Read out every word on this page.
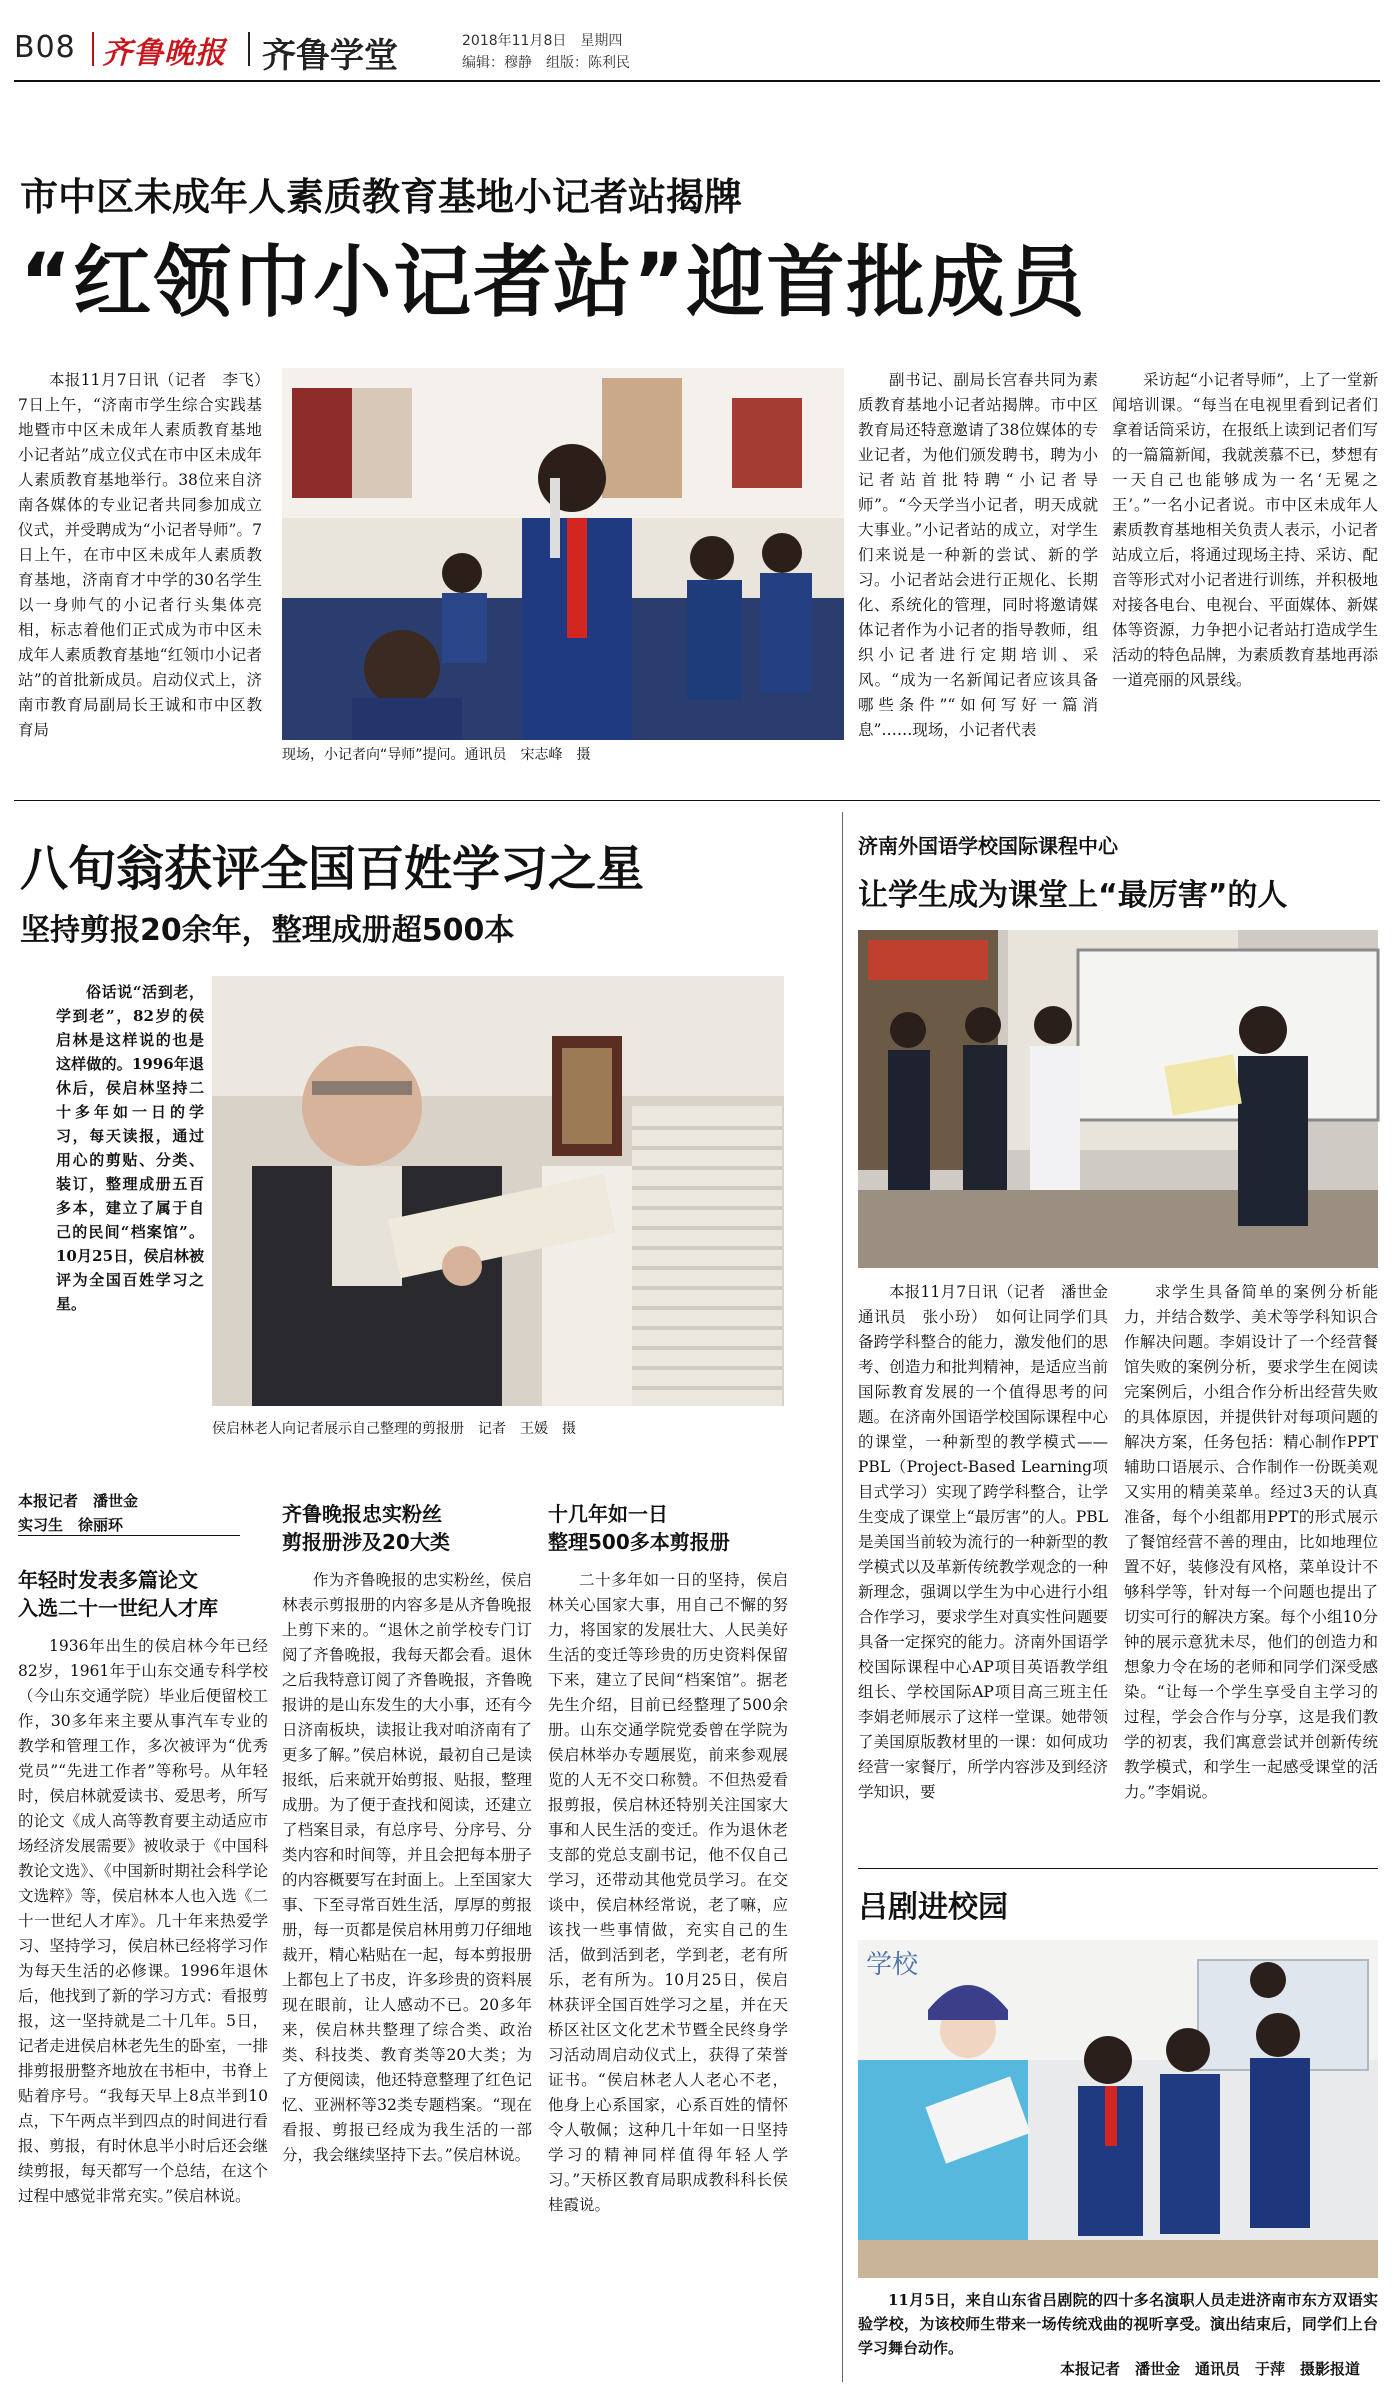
B08 齐鲁晚报 齐鲁学堂	2018年11月8日　星期四
编辑：穆静　组版：陈利民
市中区未成年人素质教育基地小记者站揭牌
“红领巾小记者站”迎首批成员
本报11月7日讯（记者　李飞）　7日上午，“济南市学生综合实践基地暨市中区未成年人素质教育基地小记者站”成立仪式在市中区未成年人素质教育基地举行。38位来自济南各媒体的专业记者共同参加成立仪式，并受聘成为“小记者导师”。7日上午，在市中区未成年人素质教育基地，济南育才中学的30名学生以一身帅气的小记者行头集体亮相，标志着他们正式成为市中区未成年人素质教育基地“红领巾小记者站”的首批新成员。启动仪式上，济南市教育局副局长王诚和市中区教育局
现场，小记者向“导师”提问。通讯员　宋志峰　摄
副书记、副局长宫春共同为素质教育基地小记者站揭牌。市中区教育局还特意邀请了38位媒体的专业记者，为他们颁发聘书，聘为小记者站首批特聘“小记者导师”。“今天学当小记者，明天成就大事业。”小记者站的成立，对学生们来说是一种新的尝试、新的学习。小记者站会进行正规化、长期化、系统化的管理，同时将邀请媒体记者作为小记者的指导教师，组织小记者进行定期培训、采风。“成为一名新闻记者应该具备哪些条件”“如何写好一篇消息”……现场，小记者代表
采访起“小记者导师”，上了一堂新闻培训课。“每当在电视里看到记者们拿着话筒采访，在报纸上读到记者们写的一篇篇新闻，我就羡慕不已，梦想有一天自己也能够成为一名‘无冕之王’。”一名小记者说。市中区未成年人素质教育基地相关负责人表示，小记者站成立后，将通过现场主持、采访、配音等形式对小记者进行训练，并积极地对接各电台、电视台、平面媒体、新媒体等资源，力争把小记者站打造成学生活动的特色品牌，为素质教育基地再添一道亮丽的风景线。
八旬翁获评全国百姓学习之星
坚持剪报20余年，整理成册超500本
俗话说“活到老，学到老”，82岁的侯启林是这样说的也是这样做的。1996年退休后，侯启林坚持二十多年如一日的学习，每天读报，通过用心的剪贴、分类、装订，整理成册五百多本，建立了属于自己的民间“档案馆”。10月25日，侯启林被评为全国百姓学习之星。
侯启林老人向记者展示自己整理的剪报册　记者　王媛　摄
本报记者　潘世金
实习生　徐丽环
年轻时发表多篇论文
入选二十一世纪人才库
1936年出生的侯启林今年已经82岁，1961年于山东交通专科学校（今山东交通学院）毕业后便留校工作，30多年来主要从事汽车专业的教学和管理工作，多次被评为“优秀党员”“先进工作者”等称号。从年轻时，侯启林就爱读书、爱思考，所写的论文《成人高等教育要主动适应市场经济发展需要》被收录于《中国科教论文选》、《中国新时期社会科学论文选粹》等，侯启林本人也入选《二十一世纪人才库》。几十年来热爱学习、坚持学习，侯启林已经将学习作为每天生活的必修课。1996年退休后，他找到了新的学习方式：看报剪报，这一坚持就是二十几年。5日，记者走进侯启林老先生的卧室，一排排剪报册整齐地放在书柜中，书脊上贴着序号。“我每天早上8点半到10点，下午两点半到四点的时间进行看报、剪报，有时休息半小时后还会继续剪报，每天都写一个总结，在这个过程中感觉非常充实。”侯启林说。
齐鲁晚报忠实粉丝
剪报册涉及20大类
作为齐鲁晚报的忠实粉丝，侯启林表示剪报册的内容多是从齐鲁晚报上剪下来的。“退休之前学校专门订阅了齐鲁晚报，我每天都会看。退休之后我特意订阅了齐鲁晚报，齐鲁晚报讲的是山东发生的大小事，还有今日济南板块，读报让我对咱济南有了更多了解。”侯启林说，最初自己是读报纸，后来就开始剪报、贴报，整理成册。为了便于查找和阅读，还建立了档案目录，有总序号、分序号、分类内容和时间等，并且会把每本册子的内容概要写在封面上。上至国家大事、下至寻常百姓生活，厚厚的剪报册，每一页都是侯启林用剪刀仔细地裁开，精心粘贴在一起，每本剪报册上都包上了书皮，许多珍贵的资料展现在眼前，让人感动不已。20多年来，侯启林共整理了综合类、政治类、科技类、教育类等20大类；为了方便阅读，他还特意整理了红色记忆、亚洲杯等32类专题档案。“现在看报、剪报已经成为我生活的一部分，我会继续坚持下去。”侯启林说。
十几年如一日
整理500多本剪报册
二十多年如一日的坚持，侯启林关心国家大事，用自己不懈的努力，将国家的发展壮大、人民美好生活的变迁等珍贵的历史资料保留下来，建立了民间“档案馆”。据老先生介绍，目前已经整理了500余册。山东交通学院党委曾在学院为侯启林举办专题展览，前来参观展览的人无不交口称赞。不但热爱看报剪报，侯启林还特别关注国家大事和人民生活的变迁。作为退休老支部的党总支副书记，他不仅自己学习，还带动其他党员学习。在交谈中，侯启林经常说，老了嘛，应该找一些事情做，充实自己的生活，做到活到老，学到老，老有所乐，老有所为。10月25日，侯启林获评全国百姓学习之星，并在天桥区社区文化艺术节暨全民终身学习活动周启动仪式上，获得了荣誉证书。“侯启林老人人老心不老，他身上心系国家，心系百姓的情怀令人敬佩；这种几十年如一日坚持学习的精神同样值得年轻人学习。”天桥区教育局职成教科科长侯桂霞说。
济南外国语学校国际课程中心
让学生成为课堂上“最厉害”的人
本报11月7日讯（记者　潘世金　通讯员　张小玢）　如何让同学们具备跨学科整合的能力，激发他们的思考、创造力和批判精神，是适应当前国际教育发展的一个值得思考的问题。在济南外国语学校国际课程中心的课堂，一种新型的教学模式——PBL（Project-Based Learning项目式学习）实现了跨学科整合，让学生变成了课堂上“最厉害”的人。PBL是美国当前较为流行的一种新型的教学模式以及革新传统教学观念的一种新理念，强调以学生为中心进行小组合作学习，要求学生对真实性问题要具备一定探究的能力。济南外国语学校国际课程中心AP项目英语教学组组长、学校国际AP项目高三班主任李娟老师展示了这样一堂课。她带领了美国原版教材里的一课：如何成功经营一家餐厅，所学内容涉及到经济学知识，要
求学生具备简单的案例分析能力，并结合数学、美术等学科知识合作解决问题。李娟设计了一个经营餐馆失败的案例分析，要求学生在阅读完案例后，小组合作分析出经营失败的具体原因，并提供针对每项问题的解决方案，任务包括：精心制作PPT辅助口语展示、合作制作一份既美观又实用的精美菜单。经过3天的认真准备，每个小组都用PPT的形式展示了餐馆经营不善的理由，比如地理位置不好，装修没有风格，菜单设计不够科学等，针对每一个问题也提出了切实可行的解决方案。每个小组10分钟的展示意犹未尽，他们的创造力和想象力令在场的老师和同学们深受感染。“让每一个学生享受自主学习的过程，学会合作与分享，这是我们教学的初衷，我们寓意尝试并创新传统教学模式，和学生一起感受课堂的活力。”李娟说。
吕剧进校园
学校
11月5日，来自山东省吕剧院的四十多名演职人员走进济南市东方双语实验学校，为该校师生带来一场传统戏曲的视听享受。演出结束后，同学们上台学习舞台动作。
本报记者　潘世金　通讯员　于萍　摄影报道
